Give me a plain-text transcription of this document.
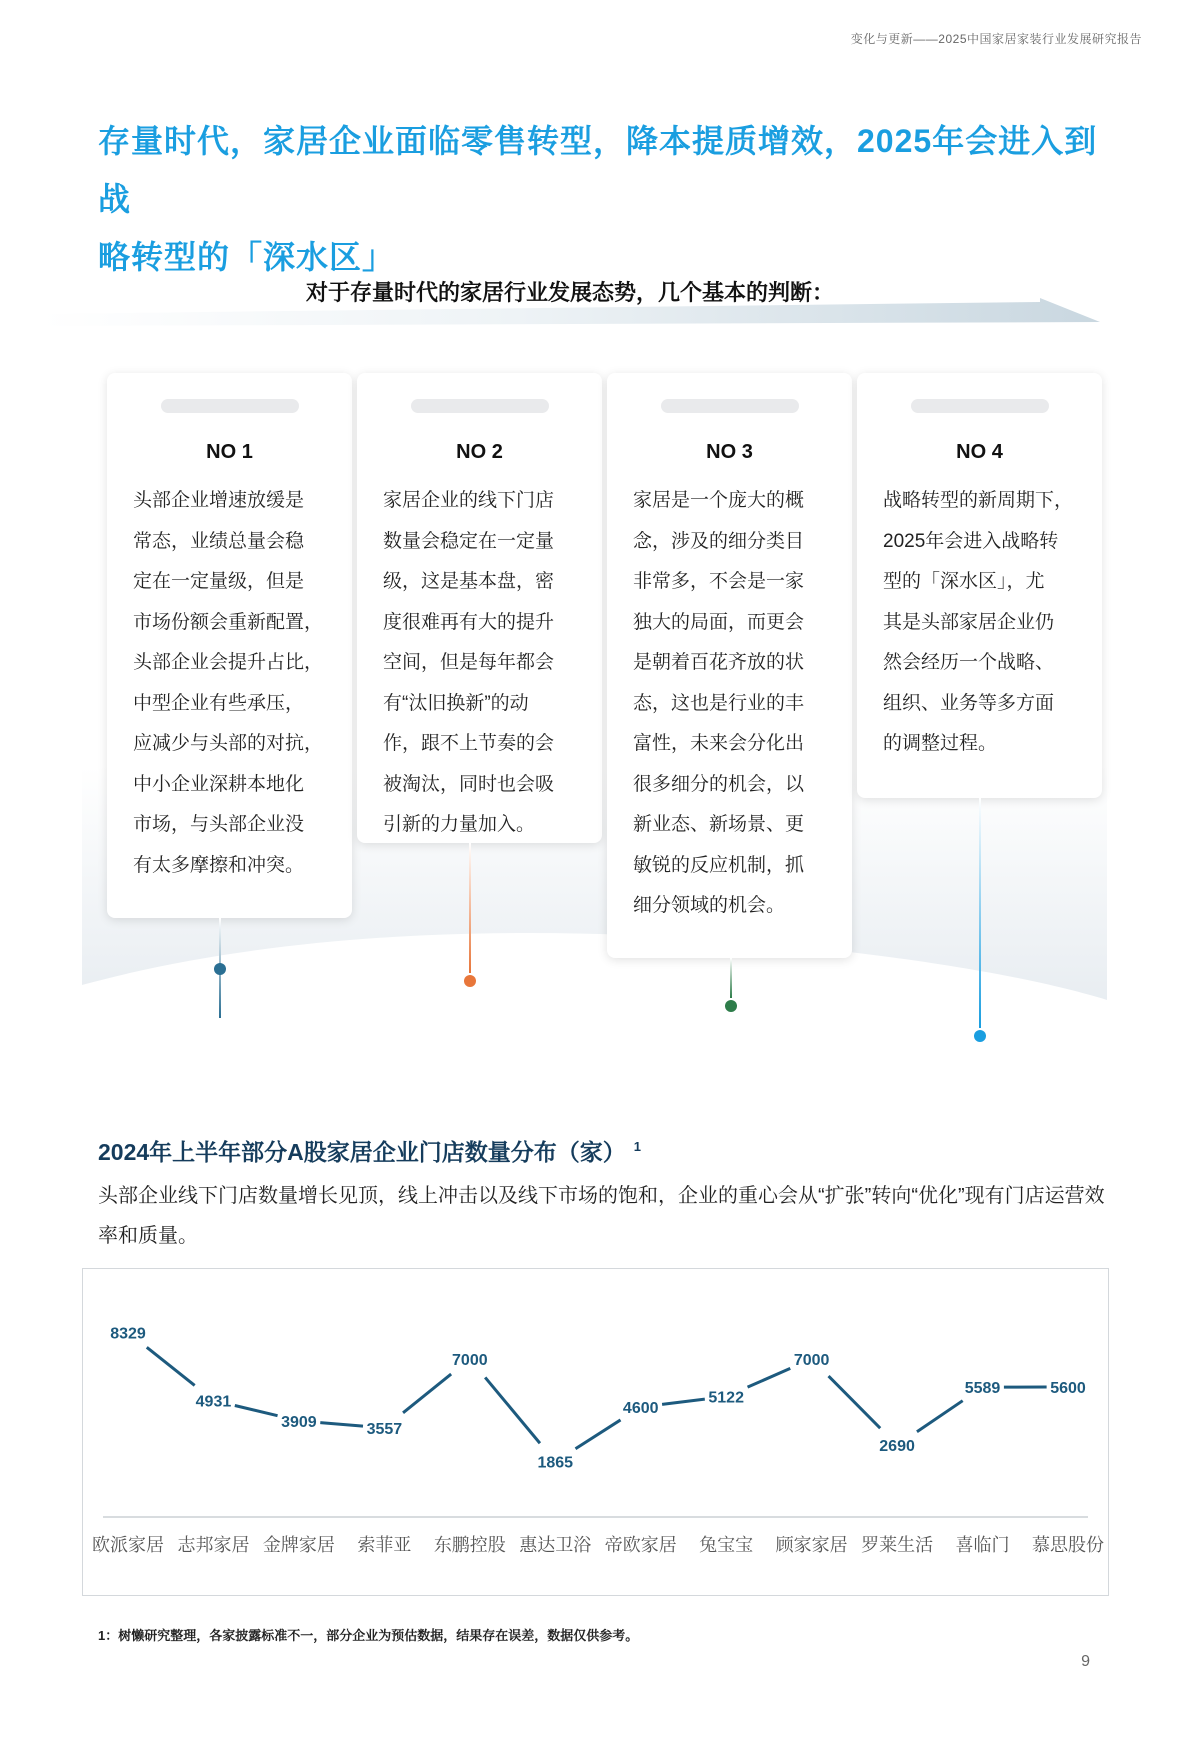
变化与更新——2025中国家居家装行业发展研究报告
存量时代，家居企业面临零售转型，降本提质增效，2025年会进入到战
略转型的「深水区」
对于存量时代的家居行业发展态势，几个基本的判断：
NO 1
头部企业增速放缓是
常态，业绩总量会稳
定在一定量级，但是
市场份额会重新配置，
头部企业会提升占比，
中型企业有些承压，
应减少与头部的对抗，
中小企业深耕本地化
市场，与头部企业没
有太多摩擦和冲突。
NO 2
家居企业的线下门店
数量会稳定在一定量
级，这是基本盘，密
度很难再有大的提升
空间，但是每年都会
有“汰旧换新”的动
作，跟不上节奏的会
被淘汰，同时也会吸
引新的力量加入。
NO 3
家居是一个庞大的概
念，涉及的细分类目
非常多，不会是一家
独大的局面，而更会
是朝着百花齐放的状
态，这也是行业的丰
富性，未来会分化出
很多细分的机会，以
新业态、新场景、更
敏锐的反应机制，抓
细分领域的机会。
NO 4
战略转型的新周期下，
2025年会进入战略转
型的「深水区」，尤
其是头部家居企业仍
然会经历一个战略、
组织、业务等多方面
的调整过程。
2024年上半年部分A股家居企业门店数量分布（家） $^1$
头部企业线下门店数量增长见顶，线上冲击以及线下市场的饱和，企业的重心会从“扩张”转向“优化”现有门店运营效率和质量。
8329
4931
3909	3557
7000
1865
4600
5122
7000
2690
5589	5600
欧派家居 志邦家居 金牌家居 索菲亚 东鹏控股 惠达卫浴 帝欧家居 兔宝宝 顾家家居 罗莱生活 喜临门 慕思股份
1：树懒研究整理，各家披露标准不一，部分企业为预估数据，结果存在误差，数据仅供参考。
9
